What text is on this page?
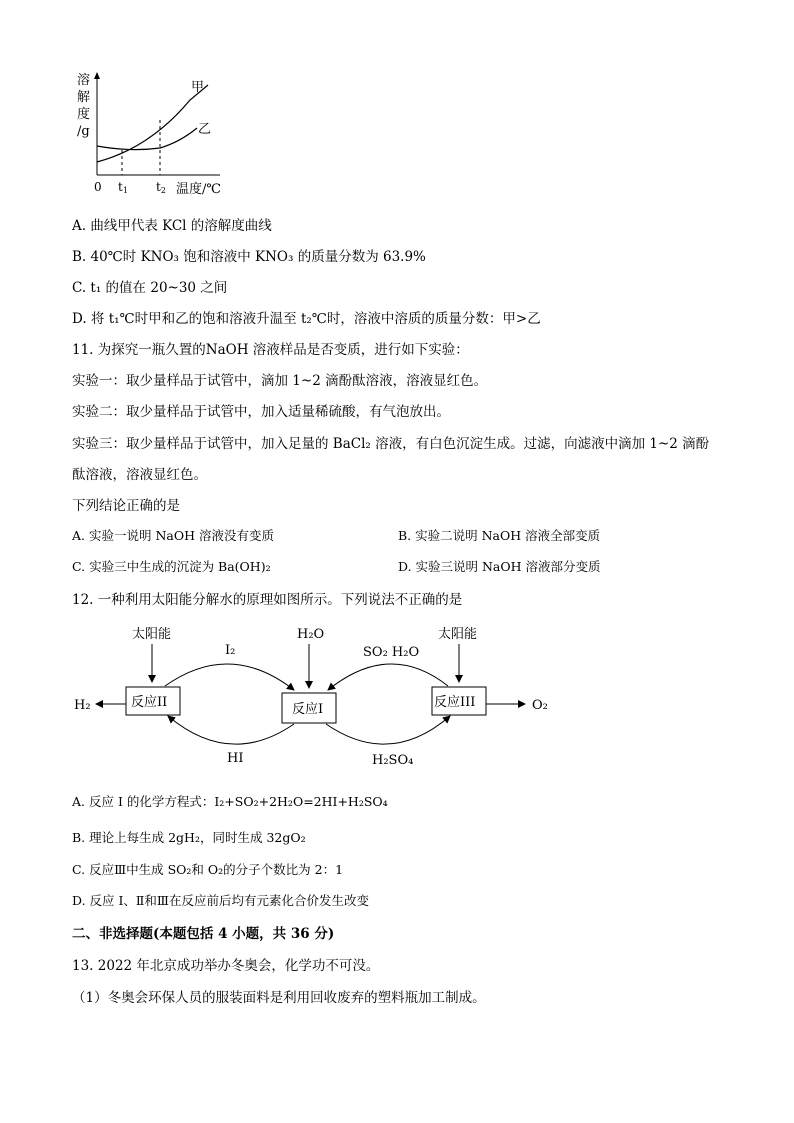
溶
解
度
/g
甲
乙
0 t1 t2 温度/℃
A. 曲线甲代表 KCl 的溶解度曲线
B. 40℃时 KNO₃ 饱和溶液中 KNO₃ 的质量分数为 63.9%
C. t₁ 的值在 20~30 之间
D. 将 t₁℃时甲和乙的饱和溶液升温至 t₂℃时，溶液中溶质的质量分数：甲>乙
11. 为探究一瓶久置的NaOH 溶液样品是否变质，进行如下实验：
实验一：取少量样品于试管中，滴加 1~2 滴酚酞溶液，溶液显红色。
实验二：取少量样品于试管中，加入适量稀硫酸，有气泡放出。
实验三：取少量样品于试管中，加入足量的 BaCl₂ 溶液，有白色沉淀生成。过滤，向滤液中滴加 1~2 滴酚
酞溶液，溶液显红色。
下列结论正确的是
A. 实验一说明 NaOH 溶液没有变质	B. 实验二说明 NaOH 溶液全部变质
C. 实验三中生成的沉淀为 Ba(OH)₂	D. 实验三说明 NaOH 溶液部分变质
12. 一种利用太阳能分解水的原理如图所示。下列说法不正确的是
太阳能	H₂O	太阳能
I₂	SO₂ H₂O
反应II	反应I	反应III
H₂	O₂
HI	H₂SO₄
A. 反应 I 的化学方程式：I₂+SO₂+2H₂O=2HI+H₂SO₄
B. 理论上每生成 2gH₂，同时生成 32gO₂
C. 反应Ⅲ中生成 SO₂和 O₂的分子个数比为 2：1
D. 反应 I、Ⅱ和Ⅲ在反应前后均有元素化合价发生改变
二、非选择题(本题包括 4 小题，共 36 分)
13. 2022 年北京成功举办冬奥会，化学功不可没。
（1）冬奥会环保人员的服装面料是利用回收废弃的塑料瓶加工制成。
